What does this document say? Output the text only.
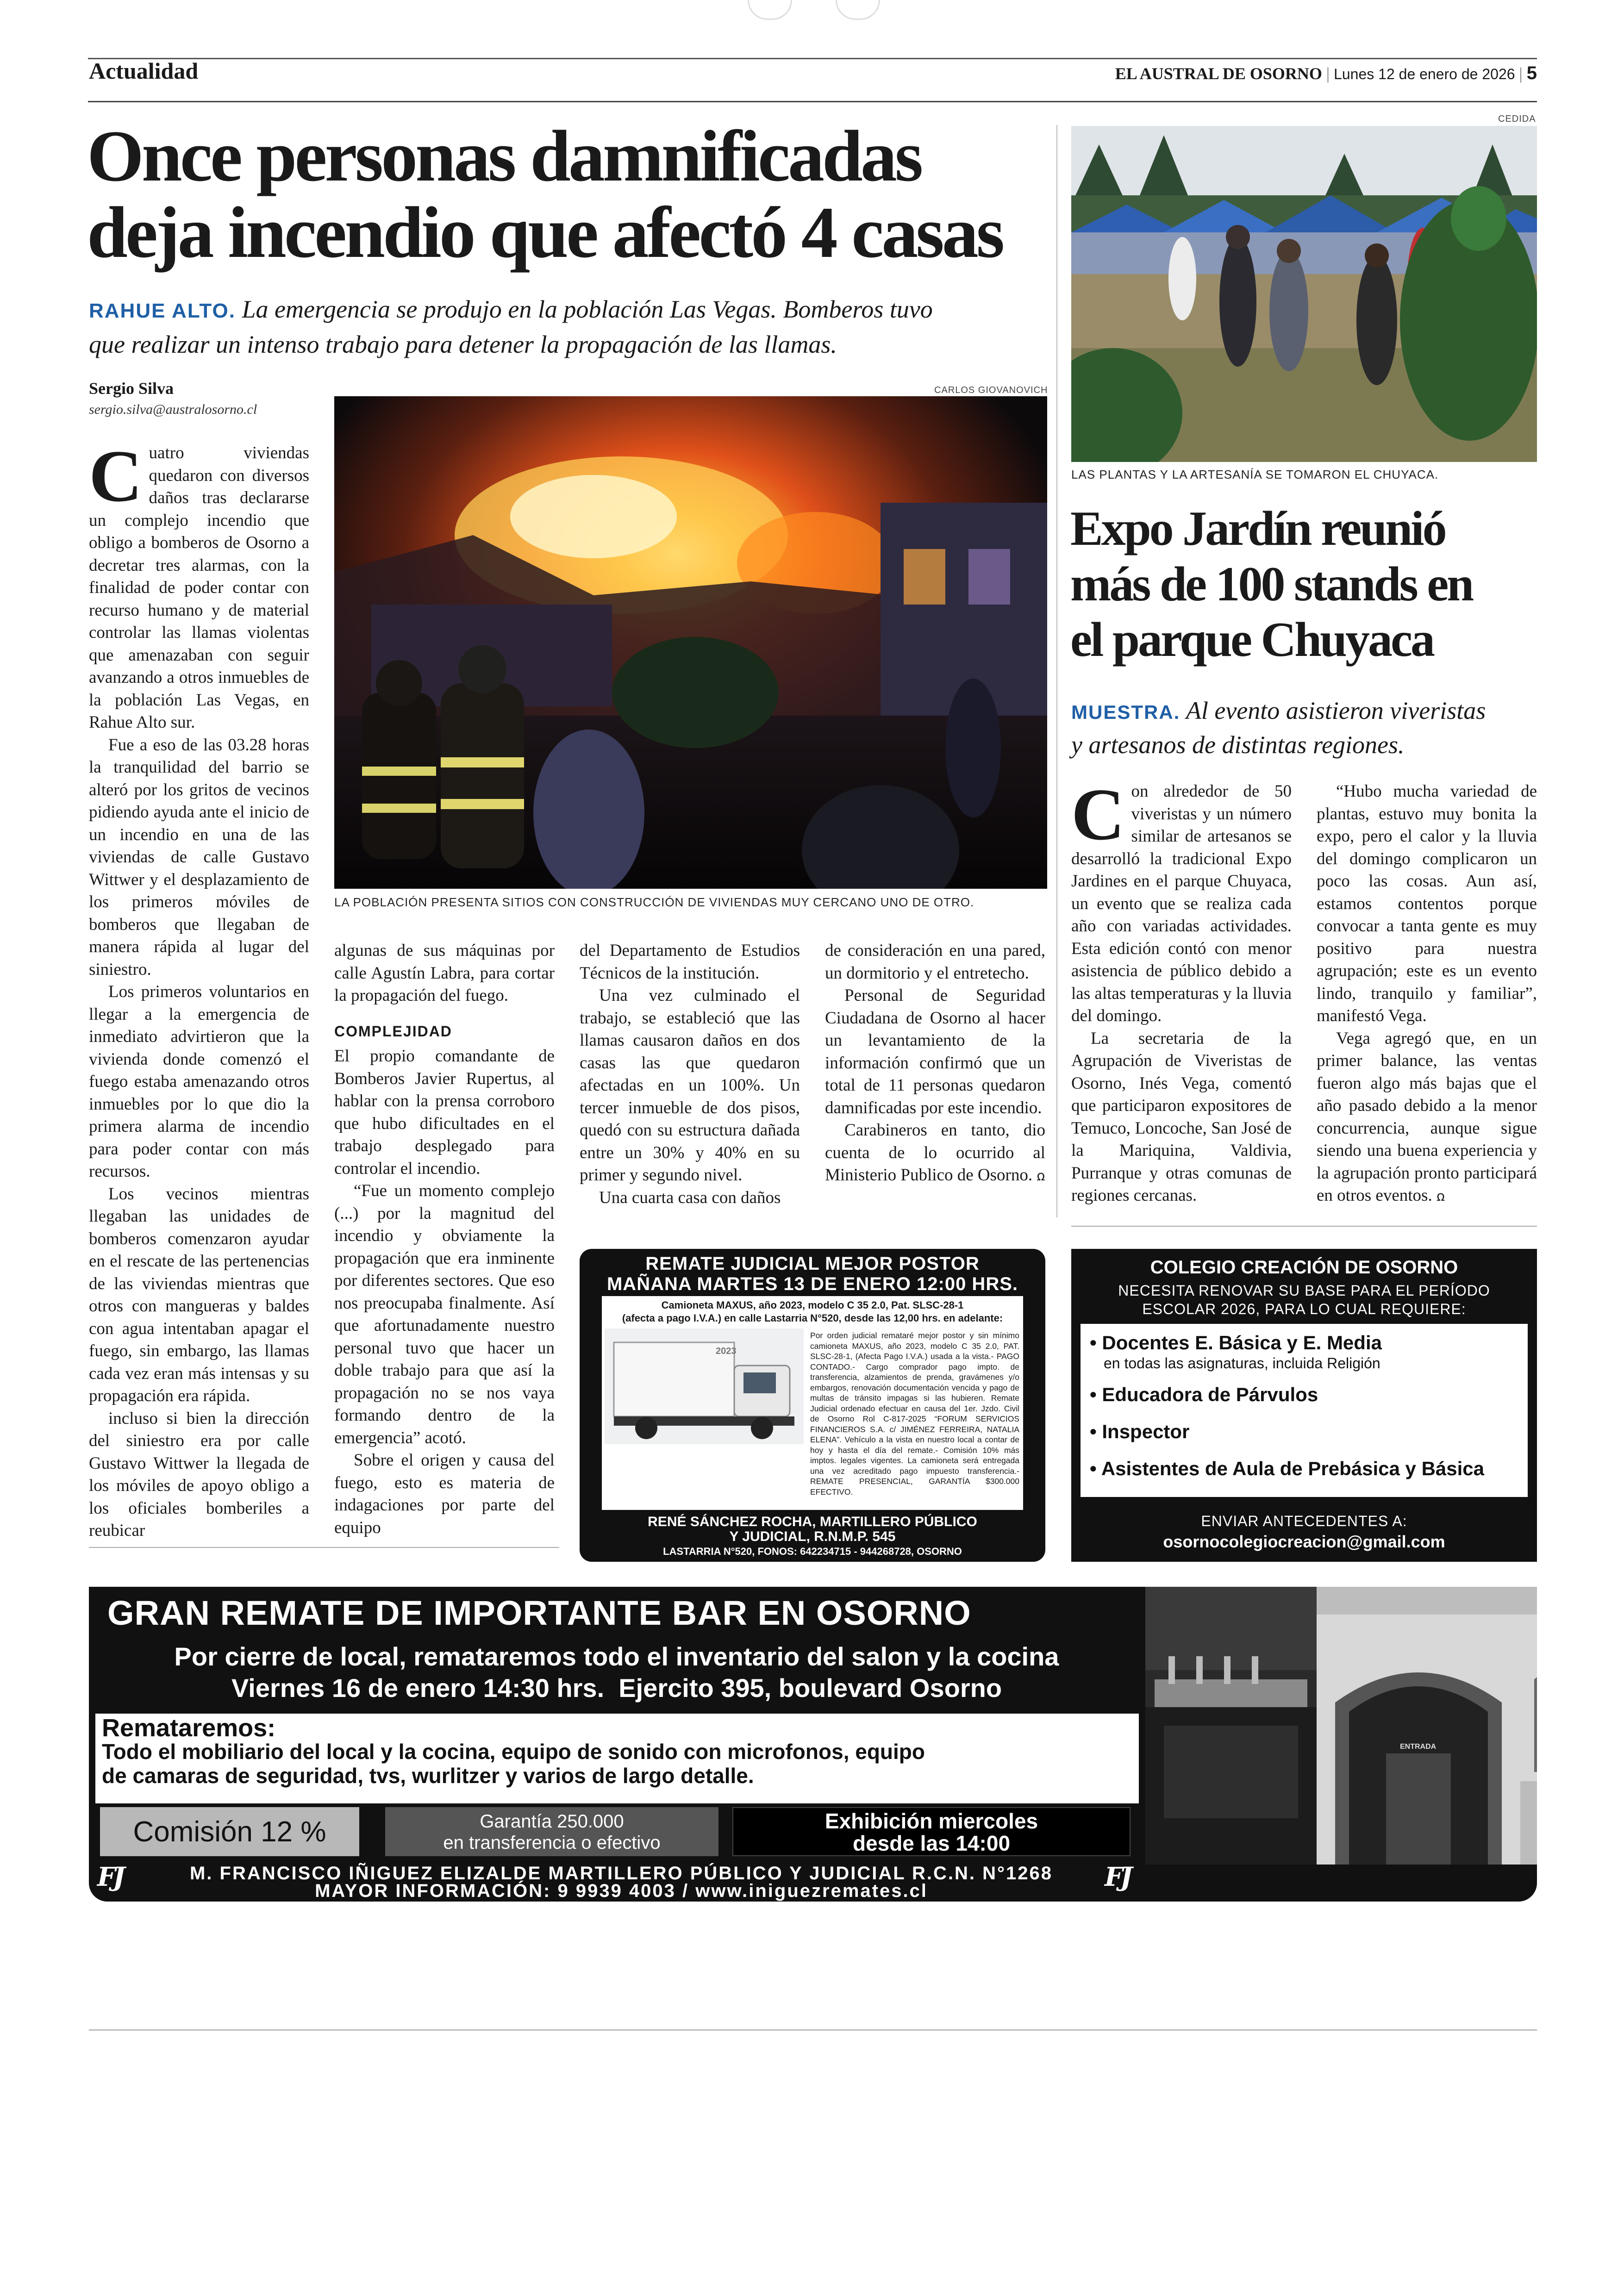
Actualidad	EL AUSTRAL DE OSORNO | Lunes 12 de enero de 2026 | 5
Once personas damnificadas
deja incendio que afectó 4 casas
RAHUE ALTO. La emergencia se produjo en la población Las Vegas. Bomberos tuvo
que realizar un intenso trabajo para detener la propagación de las llamas.
Sergio Silva
sergio.silva@australosorno.cl
CARLOS GIOVANOVICH
LA POBLACIÓN PRESENTA SITIOS CON CONSTRUCCIÓN DE VIVIENDAS MUY CERCANO UNO DE OTRO.

Cuatro viviendas quedaron con diversos daños tras declararse un complejo incendio que obligo a bomberos de Osorno a decretar tres alarmas, con la finalidad de poder contar con recurso humano y de material controlar las llamas violentas que amenazaban con seguir avanzando a otros inmuebles de la población Las Vegas, en Rahue Alto sur.

Fue a eso de las 03.28 horas la tranquilidad del barrio se alteró por los gritos de vecinos pidiendo ayuda ante el inicio de un incendio en una de las viviendas de calle Gustavo Wittwer y el desplazamiento de los primeros móviles de bomberos que llegaban de manera rápida al lugar del siniestro.

Los primeros voluntarios en llegar a la emergencia de inmediato advirtieron que la vivienda donde comenzó el fuego estaba amenazando otros inmuebles por lo que dio la primera alarma de incendio para poder contar con más recursos.

Los vecinos mientras llegaban las unidades de bomberos comenzaron ayudar en el rescate de las pertenencias de las viviendas mientras que otros con mangueras y baldes con agua intentaban apagar el fuego, sin embargo, las llamas cada vez eran más intensas y su propagación era rápida.

incluso si bien la dirección del siniestro era por calle Gustavo Wittwer la llegada de los móviles de apoyo obligo a los oficiales bomberiles a reubicar

algunas de sus máquinas por calle Agustín Labra, para cortar la propagación del fuego.

COMPLEJIDAD

El propio comandante de Bomberos Javier Rupertus, al hablar con la prensa corroboro que hubo dificultades en el trabajo desplegado para controlar el incendio.

“Fue un momento complejo (...) por la magnitud del incendio y obviamente la propagación que era inminente por diferentes sectores. Que eso nos preocupaba finalmente. Así que afortunadamente nuestro personal tuvo que hacer un doble trabajo para que así la propagación no se nos vaya formando dentro de la emergencia” acotó.

Sobre el origen y causa del fuego, esto es materia de indagaciones por parte del equipo

del Departamento de Estudios Técnicos de la institución.

Una vez culminado el trabajo, se estableció que las llamas causaron daños en dos casas las que quedaron afectadas en un 100%. Un tercer inmueble de dos pisos, quedó con su estructura dañada entre un 30% y 40% en su primer y segundo nivel.

Una cuarta casa con daños

de consideración en una pared, un dormitorio y el entretecho.

Personal de Seguridad Ciudadana de Osorno al hacer un levantamiento de la información confirmó que un total de 11 personas quedaron damnificadas por este incendio.

Carabineros en tanto, dio cuenta de lo ocurrido al Ministerio Publico de Osorno. ꭥ

CEDIDA
LAS PLANTAS Y LA ARTESANÍA SE TOMARON EL CHUYACA.
Expo Jardín reunió
más de 100 stands en
el parque Chuyaca
MUESTRA. Al evento asistieron viveristas
y artesanos de distintas regiones.

Con alrededor de 50 viveristas y un número similar de artesanos se desarrolló la tradicional Expo Jardines en el parque Chuyaca, un evento que se realiza cada año con variadas actividades. Esta edición contó con menor asistencia de público debido a las altas temperaturas y la lluvia del domingo.

La secretaria de la Agrupación de Viveristas de Osorno, Inés Vega, comentó que participaron expositores de Temuco, Loncoche, San José de la Mariquina, Valdivia, Purranque y otras comunas de regiones cercanas.

“Hubo mucha variedad de plantas, estuvo muy bonita la expo, pero el calor y la lluvia del domingo complicaron un poco las cosas. Aun así, estamos contentos porque convocar a tanta gente es muy positivo para nuestra agrupación; este es un evento lindo, tranquilo y familiar”, manifestó Vega.

Vega agregó que, en un primer balance, las ventas fueron algo más bajas que el año pasado debido a la menor concurrencia, aunque sigue siendo una buena experiencia y la agrupación pronto participará en otros eventos. ꭥ

REMATE JUDICIAL MEJOR POSTOR
MAÑANA MARTES 13 DE ENERO 12:00 HRS.
Camioneta MAXUS, año 2023, modelo C 35 2.0, Pat. SLSC-28-1
(afecta a pago I.V.A.) en calle Lastarria N°520, desde las 12,00 hrs. en adelante:
2023
Por orden judicial remataré mejor postor y sin mínimo camioneta MAXUS, año 2023, modelo C 35 2.0, PAT. SLSC-28-1, (Afecta Pago I.V.A.) usada a la vista.- PAGO CONTADO.- Cargo comprador pago impto. de transferencia, alzamientos de prenda, gravámenes y/o embargos, renovación documentación vencida y pago de multas de tránsito impagas si las hubieren. Remate Judicial ordenado efectuar en causa del 1er. Jzdo. Civil de Osorno Rol C-817-2025 “FORUM SERVICIOS FINANCIEROS S.A. c/ JIMÉNEZ FERREIRA, NATALIA ELENA”. Vehículo a la vista en nuestro local a contar de hoy y hasta el día del remate.- Comisión 10% más imptos. legales vigentes. La camioneta será entregada una vez acreditado pago impuesto transferencia.- REMATE PRESENCIAL, GARANTÍA $300.000 EFECTIVO.
RENÉ SÁNCHEZ ROCHA, MARTILLERO PÚBLICO
Y JUDICIAL, R.N.M.P. 545
LASTARRIA N°520, FONOS: 642234715 - 944268728, OSORNO
COLEGIO CREACIÓN DE OSORNO
NECESITA RENOVAR SU BASE PARA EL PERÍODO
ESCOLAR 2026, PARA LO CUAL REQUIERE:
• Docentes E. Básica y E. Media
en todas las asignaturas, incluida Religión
• Educadora de Párvulos
• Inspector
• Asistentes de Aula de Prebásica y Básica
ENVIAR ANTECEDENTES A:
osornocolegiocreacion@gmail.com
GRAN REMATE DE IMPORTANTE BAR EN OSORNO
Por cierre de local, remataremos todo el inventario del salon y la cocina
Viernes 16 de enero 14:30 hrs.  Ejercito 395, boulevard Osorno
Remataremos:
Todo el mobiliario del local y la cocina, equipo de sonido con microfonos, equipo
de camaras de seguridad, tvs, wurlitzer y varios de largo detalle.
Comisión 12 %	Garantía 250.000
en transferencia o efectivo
Exhibición miercoles
desde las 14:00
ENTRADA
FJ	M. FRANCISCO IÑIGUEZ ELIZALDE MARTILLERO PÚBLICO Y JUDICIAL R.C.N. N°1268
MAYOR INFORMACIÓN: 9 9939 4003 / www.iniguezremates.cl	FJ
